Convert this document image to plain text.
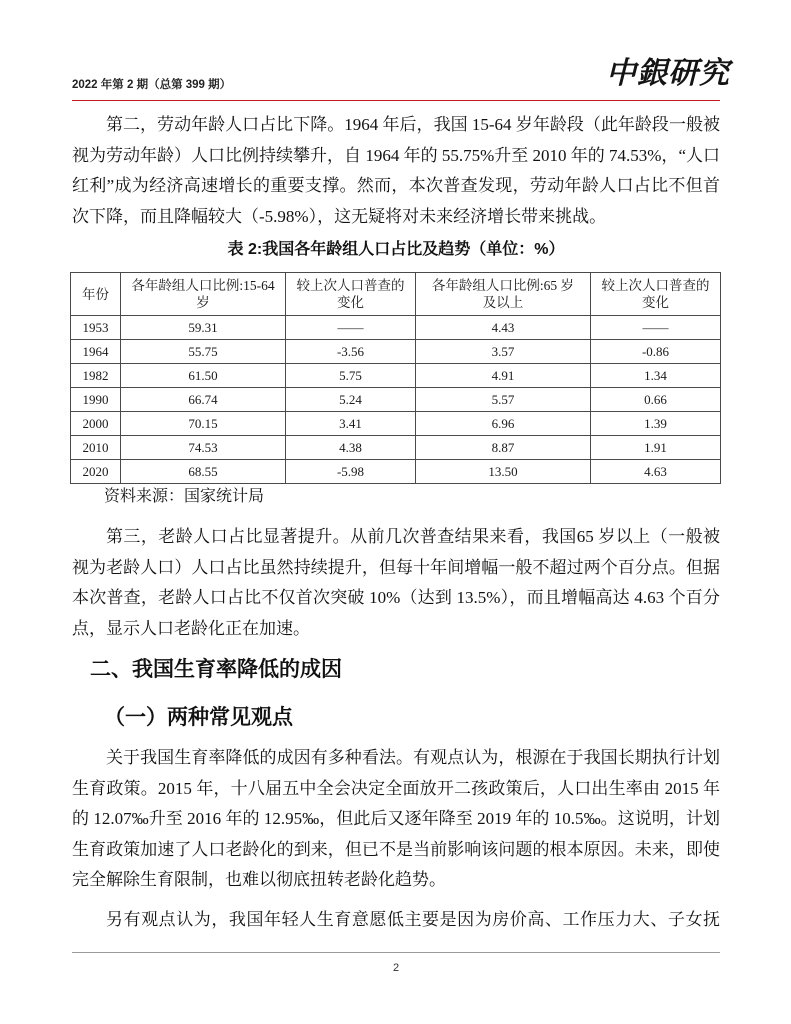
2022 年第 2 期（总第 399 期）	中銀研究

第二，劳动年龄人口占比下降。1964 年后，我国 15-64 岁年龄段（此年龄段一般被视为劳动年龄）人口比例持续攀升，自 1964 年的 55.75%升至 2010 年的 74.53%，“人口红利”成为经济高速增长的重要支撑。然而，本次普查发现，劳动年龄人口占比不但首次下降，而且降幅较大（-5.98%），这无疑将对未来经济增长带来挑战。

表 2:我国各年龄组人口占比及趋势（单位：%）
年份	各年龄组人口比例:15-64 岁	较上次人口普查的变化	各年龄组人口比例:65 岁及以上	较上次人口普查的变化
1953	59.31	——	4.43	——
1964	55.75	-3.56	3.57	-0.86
1982	61.50	5.75	4.91	1.34
1990	66.74	5.24	5.57	0.66
2000	70.15	3.41	6.96	1.39
2010	74.53	4.38	8.87	1.91
2020	68.55	-5.98	13.50	4.63
资料来源：国家统计局

第三，老龄人口占比显著提升。从前几次普查结果来看，我国65 岁以上（一般被视为老龄人口）人口占比虽然持续提升，但每十年间增幅一般不超过两个百分点。但据本次普查，老龄人口占比不仅首次突破 10%（达到 13.5%），而且增幅高达 4.63 个百分点，显示人口老龄化正在加速。

二、我国生育率降低的成因
（一）两种常见观点

关于我国生育率降低的成因有多种看法。有观点认为，根源在于我国长期执行计划生育政策。2015 年，十八届五中全会决定全面放开二孩政策后，人口出生率由 2015 年的 12.07‰升至 2016 年的 12.95‰，但此后又逐年降至 2019 年的 10.5‰。这说明，计划生育政策加速了人口老龄化的到来，但已不是当前影响该问题的根本原因。未来，即使完全解除生育限制，也难以彻底扭转老龄化趋势。

另有观点认为，我国年轻人生育意愿低主要是因为房价高、工作压力大、子女抚

2
